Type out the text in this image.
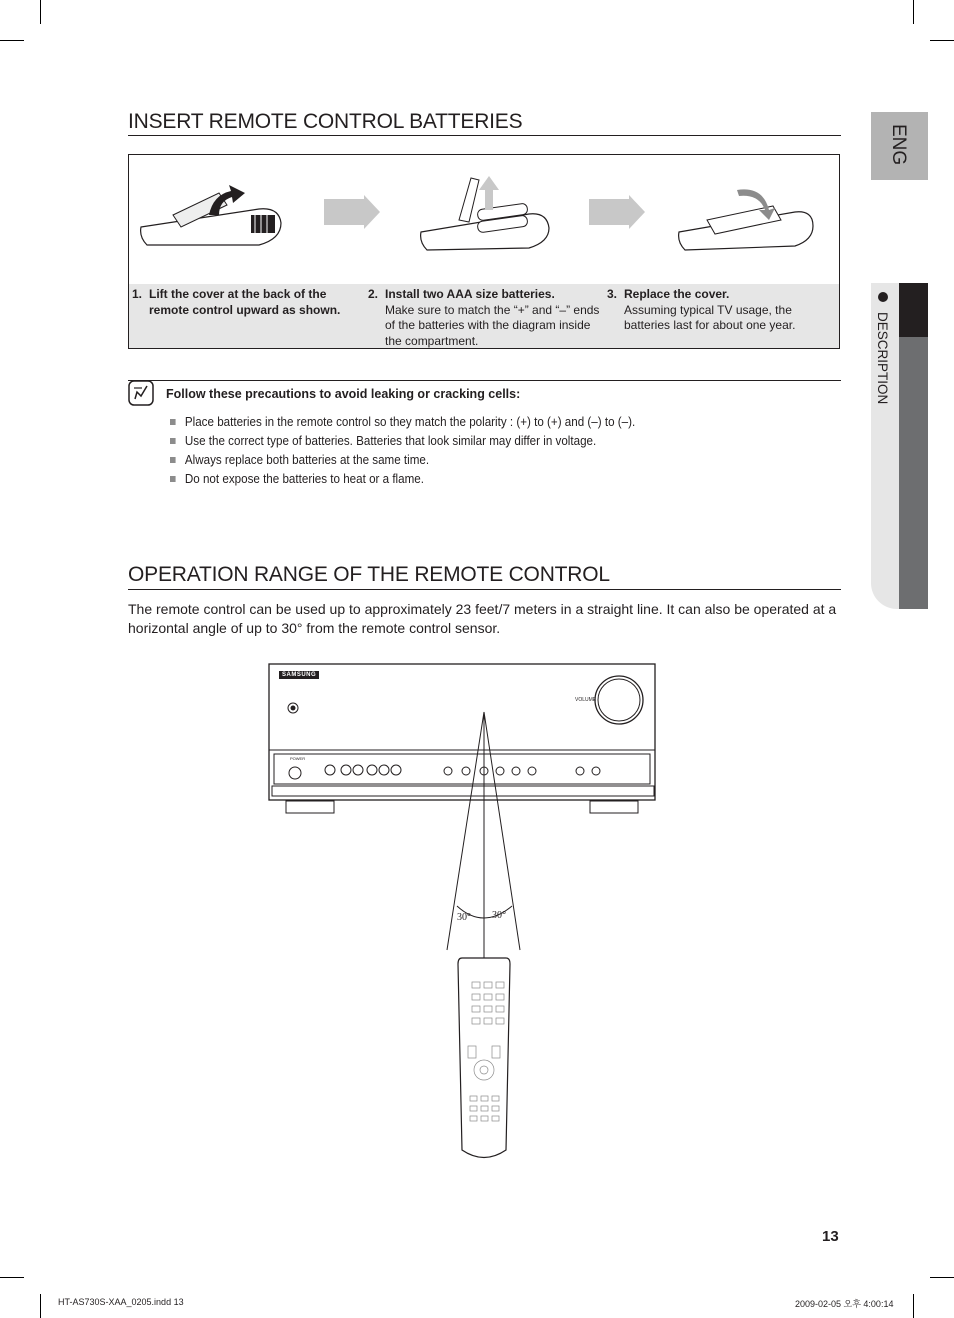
ENG
DESCRIPTION
INSERT REMOTE CONTROL BATTERIES
1. Lift the cover at the back of the remote control upward as shown.
2. Install two AAA size batteries.
Make sure to match the “+” and “–” ends of the batteries with the diagram inside the compartment.
3. Replace the cover.
Assuming typical TV usage, the batteries last for about one year.
Follow these precautions to avoid leaking or cracking cells:
Place batteries in the remote control so they match the polarity : (+) to (+) and (–) to (–).
Use the correct type of batteries. Batteries that look similar may differ in voltage.
Always replace both batteries at the same time.
Do not expose the batteries to heat or a flame.
OPERATION RANGE OF THE REMOTE CONTROL

The remote control can be used up to approximately 23 feet/7 meters in a straight line. It can also be operated at a horizontal angle of up to 30° from the remote control sensor.

SAMSUNG
VOLUME
POWER
30° 30°
13
HT-AS730S-XAA_0205.indd 13	2009-02-05 오후 4:00:14
